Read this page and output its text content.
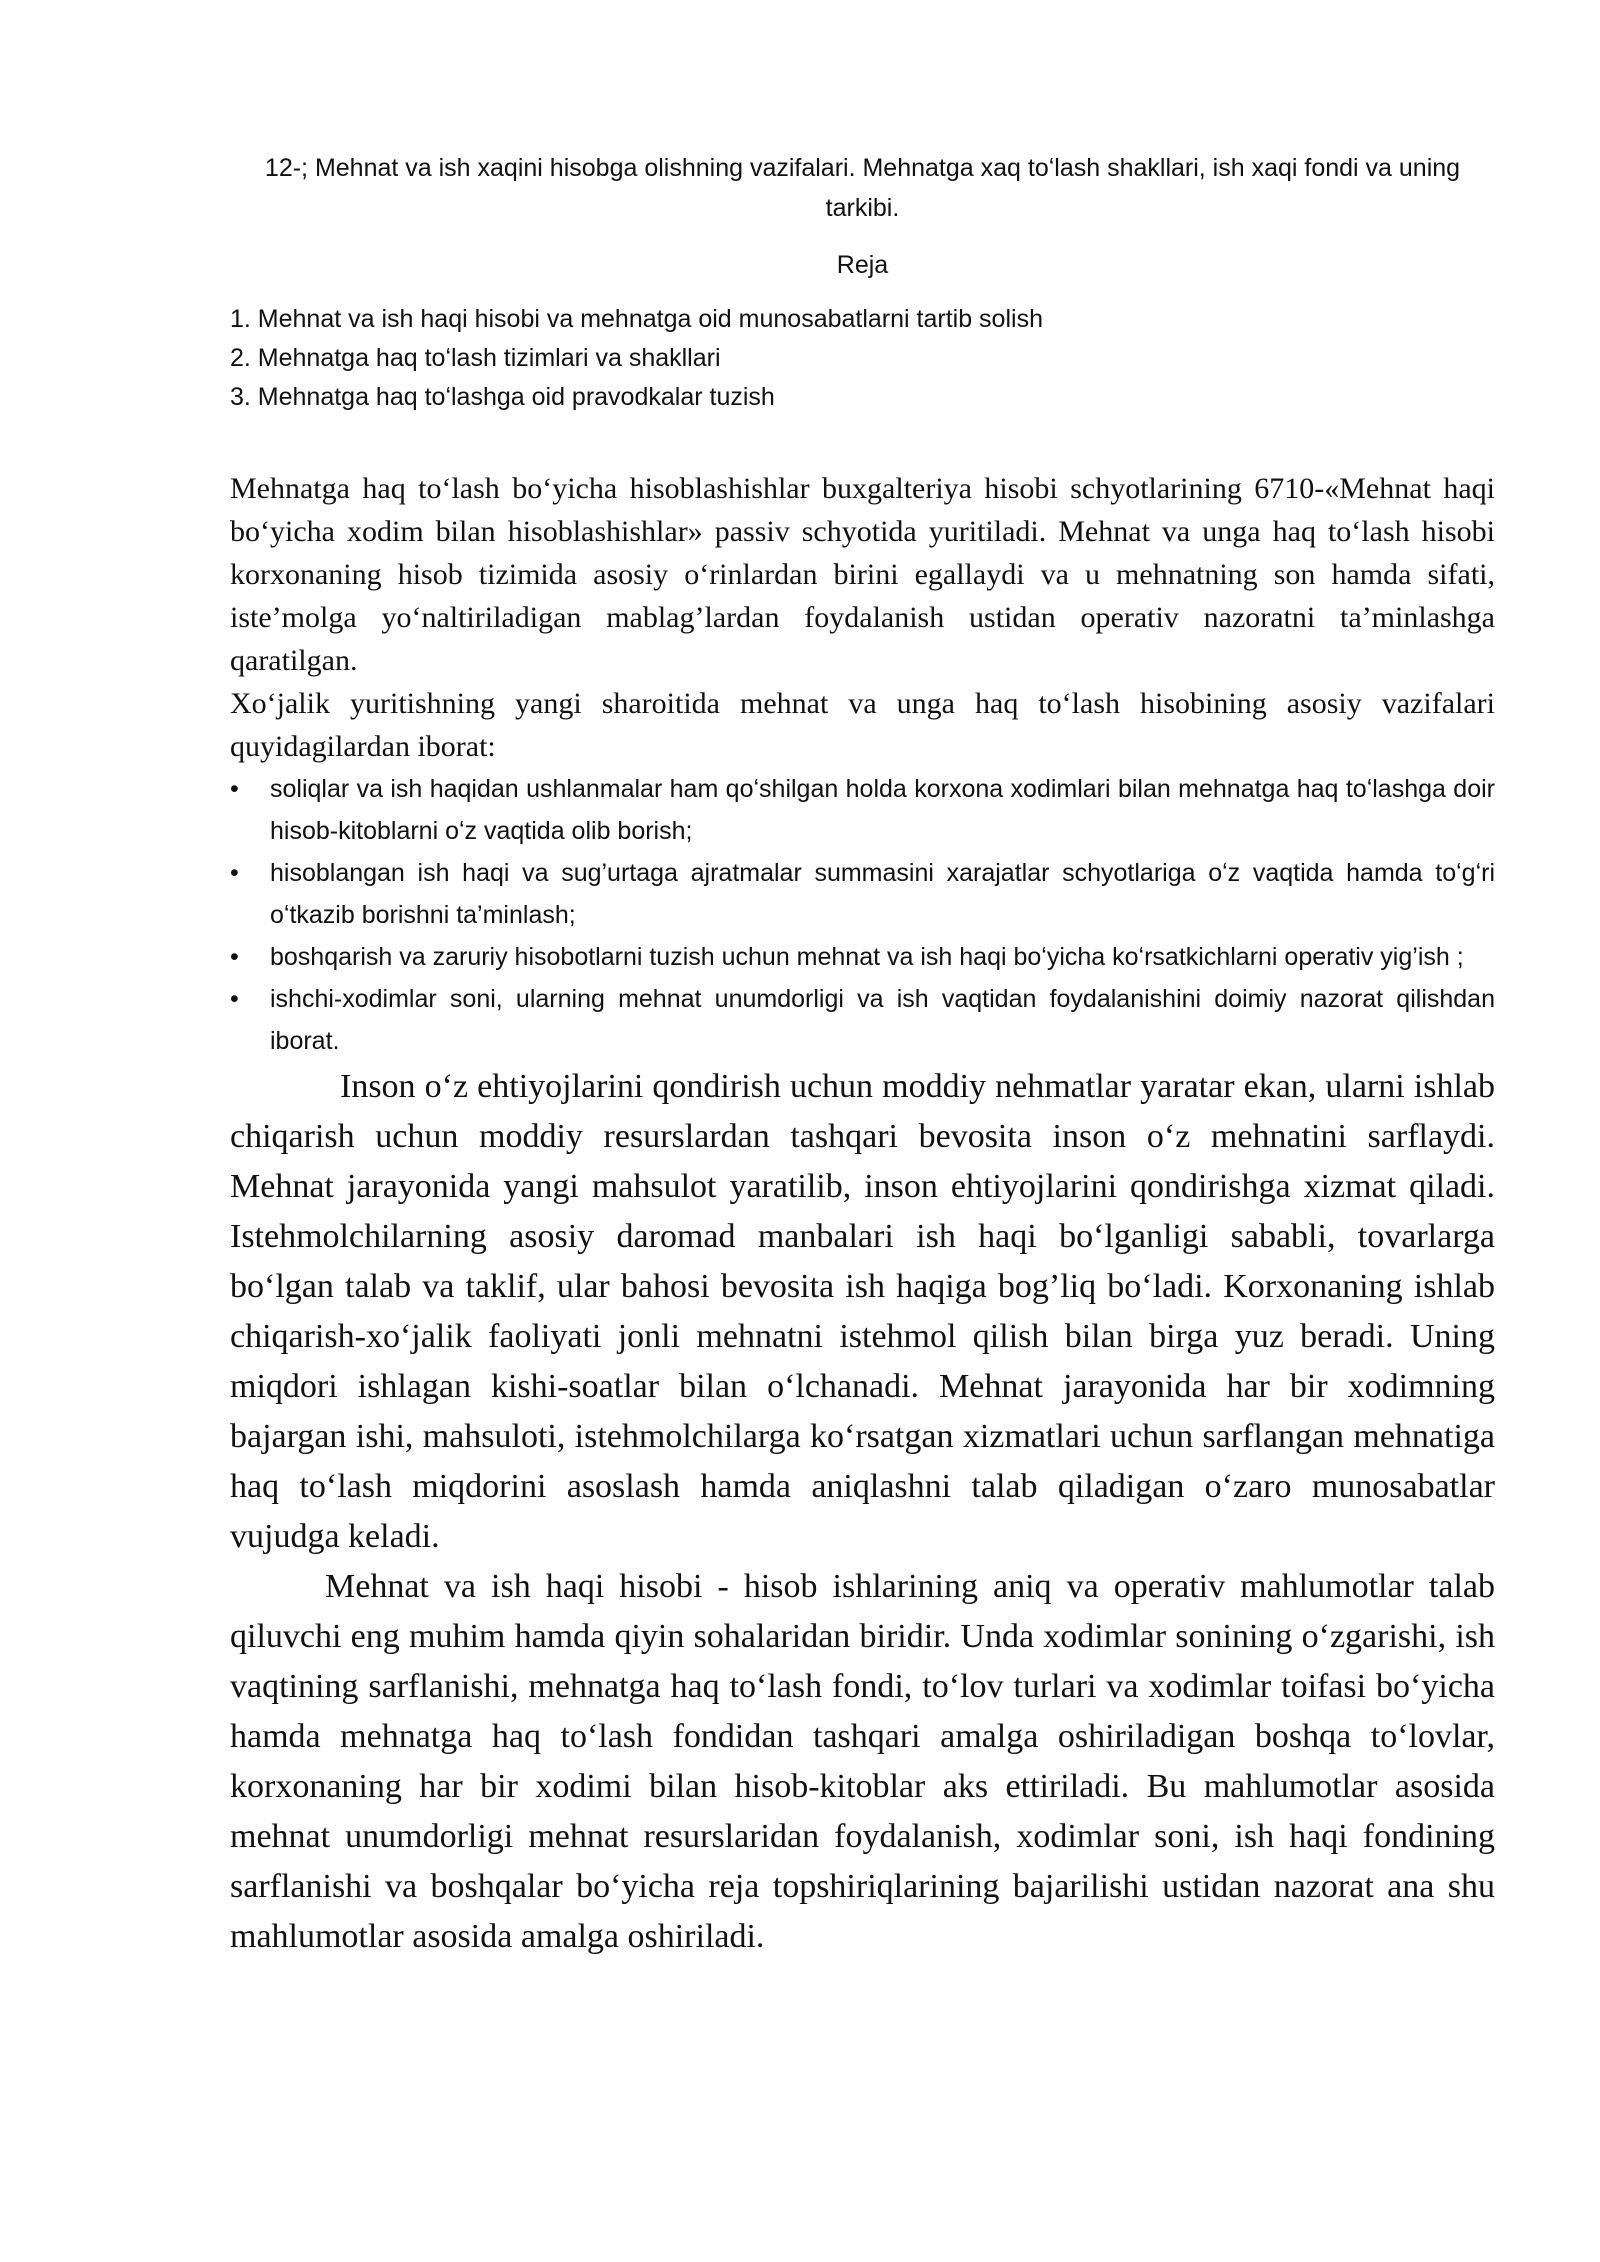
12-; Mehnat va ish xaqini hisobga olishning vazifalari. Mehnatga xaq toʻlash shakllari, ish xaqi fondi va uning tarkibi.
Reja
1. Mehnat va ish haqi hisobi va mehnatga oid munosabatlarni tartib solish
2. Mehnatga haq toʻlash tizimlari va shakllari
3. Mehnatga haq toʻlashga oid pravodkalar tuzish

Mehnatga haq toʻlash boʻyicha hisoblashishlar buxgalteriya hisobi schyotlarining 6710-«Mehnat haqi boʻyicha xodim bilan hisoblashishlar» passiv schyotida yuritiladi. Mehnat va unga haq toʻlash hisobi korxonaning hisob tizimida asosiy oʻrinlardan birini egallaydi va u mehnatning son hamda sifati, iste’molga yoʻnaltiriladigan mablag’lardan foydalanish ustidan operativ nazoratni ta’minlashga qaratilgan.

Xoʻjalik yuritishning yangi sharoitida mehnat va unga haq toʻlash hisobining asosiy vazifalari quyidagilardan iborat:

•	soliqlar va ish haqidan ushlanmalar ham qoʻshilgan holda korxona xodimlari bilan mehnatga haq toʻlashga doir hisob-kitoblarni oʻz vaqtida olib borish;
•	hisoblangan ish haqi va sug’urtaga ajratmalar summasini xarajatlar schyotlariga oʻz vaqtida hamda toʻgʻri oʻtkazib borishni ta’minlash;
•	boshqarish va zaruriy hisobotlarni tuzish uchun mehnat va ish haqi boʻyicha koʻrsatkichlarni operativ yig’ish ;
•	ishchi-xodimlar soni, ularning mehnat unumdorligi va ish vaqtidan foydalanishini doimiy nazorat qilishdan iborat.

Inson oʻz ehtiyojlarini qondirish uchun moddiy nehmatlar yaratar ekan, ularni ishlab chiqarish uchun moddiy resurslardan tashqari bevosita inson oʻz mehnatini sarflaydi. Mehnat jarayonida yangi mahsulot yaratilib, inson ehtiyojlarini qondirishga xizmat qiladi. Istehmolchilarning asosiy daromad manbalari ish haqi boʻlganligi sababli, tovarlarga boʻlgan talab va taklif, ular bahosi bevosita ish haqiga bog’liq boʻladi. Korxonaning ishlab chiqarish-xoʻjalik faoliyati jonli mehnatni istehmol qilish bilan birga yuz beradi. Uning miqdori ishlagan kishi-soatlar bilan oʻlchanadi. Mehnat jarayonida har bir xodimning bajargan ishi, mahsuloti, istehmolchilarga koʻrsatgan xizmatlari uchun sarflangan mehnatiga haq toʻlash miqdorini asoslash hamda aniqlashni talab qiladigan oʻzaro munosabatlar vujudga keladi.

Mehnat va ish haqi hisobi - hisob ishlarining aniq va operativ mahlumotlar talab qiluvchi eng muhim hamda qiyin sohalaridan biridir. Unda xodimlar sonining oʻzgarishi, ish vaqtining sarflanishi, mehnatga haq toʻlash fondi, toʻlov turlari va xodimlar toifasi boʻyicha hamda mehnatga haq toʻlash fondidan tashqari amalga oshiriladigan boshqa toʻlovlar, korxonaning har bir xodimi bilan hisob-kitoblar aks ettiriladi. Bu mahlumotlar asosida mehnat unumdorligi mehnat resurslaridan foydalanish, xodimlar soni, ish haqi fondining sarflanishi va boshqalar boʻyicha reja topshiriqlarining bajarilishi ustidan nazorat ana shu mahlumotlar asosida amalga oshiriladi.
